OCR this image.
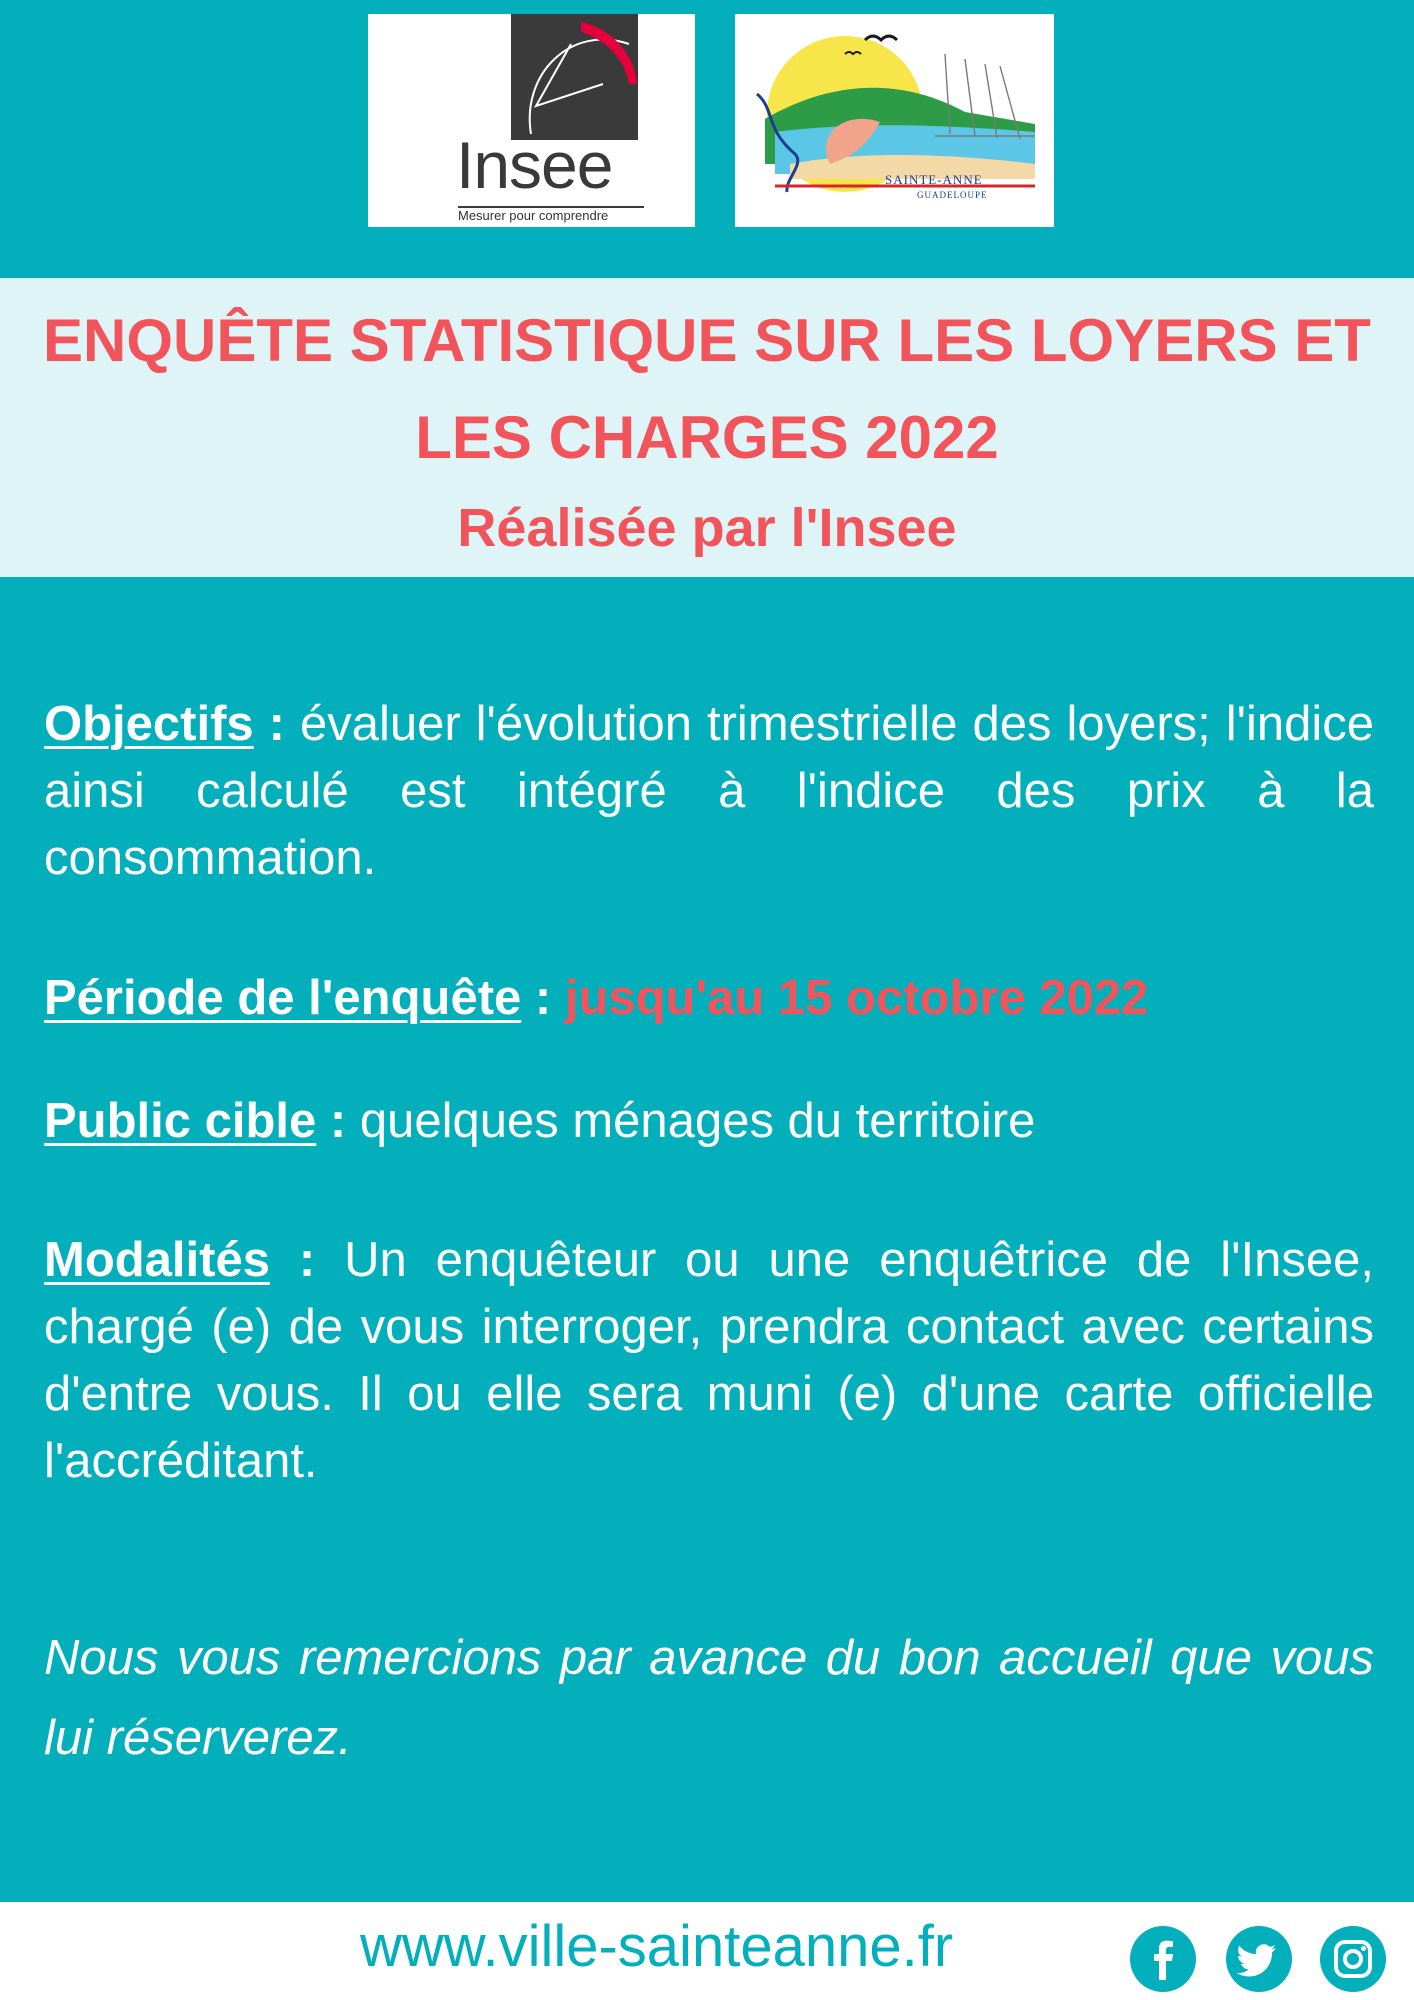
Insee
Mesurer pour comprendre
SAINTE-ANNE
GUADELOUPE
ENQUÊTE STATISTIQUE SUR LES LOYERS ET LES CHARGES 2022
Réalisée par l'Insee

Objectifs : évaluer l'évolution trimestrielle des loyers; l'indice ainsi calculé est intégré à l'indice des prix à la consommation.

Période de l'enquête : jusqu'au 15 octobre 2022

Public cible : quelques ménages du territoire

Modalités : Un enquêteur ou une enquêtrice de l'Insee, chargé (e) de vous interroger, prendra contact avec certains d'entre vous. Il ou elle sera muni (e) d'une carte officielle l'accréditant.

Nous vous remercions par avance du bon accueil que vous lui réserverez.

www.ville-sainteanne.fr
